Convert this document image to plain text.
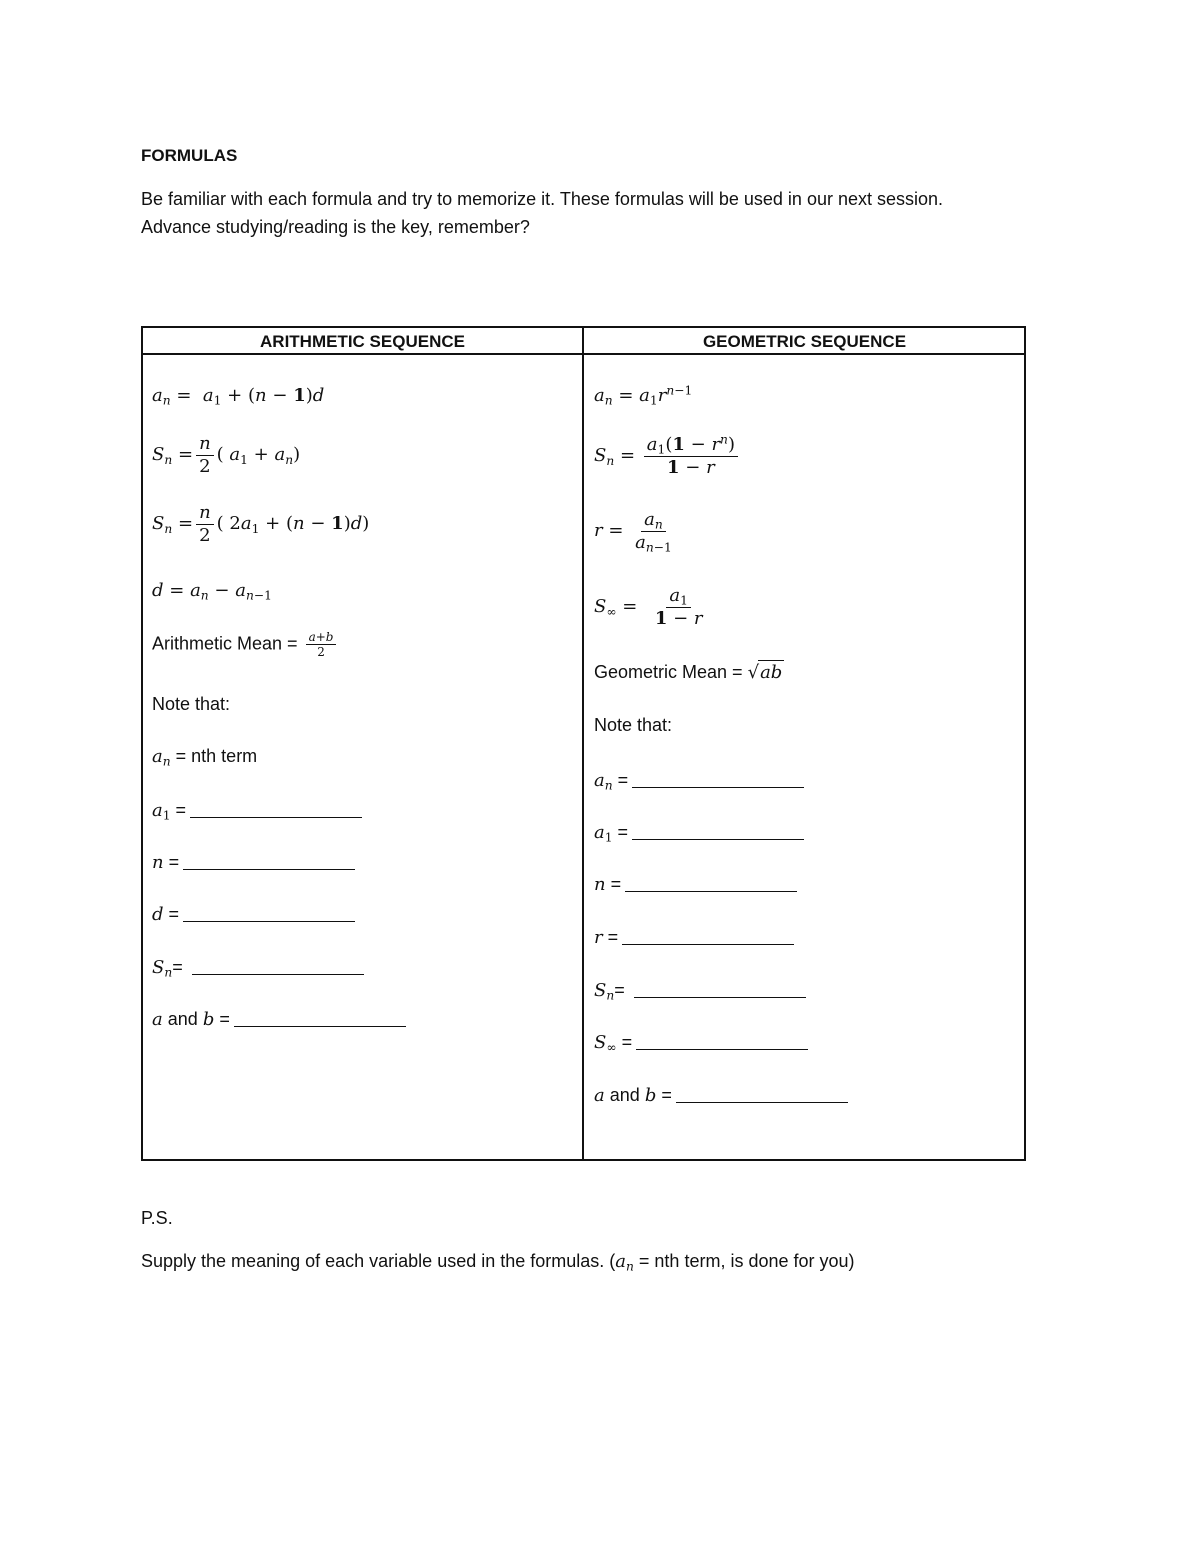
FORMULAS
Be familiar with each formula and try to memorize it. These formulas will be used in our next session.
Advance studying/reading is the key, remember?
ARITHMETIC SEQUENCE	GEOMETRIC SEQUENCE
$a_n = a_1 + (n - 1)d$
$S_n = \frac{n}{2}$ ( $a_1 + a_n$)
$S_n = \frac{n}{2}$ ( $2a_1 + (n - 1)d$)
$d = a_n - a_{n-1}$
Arithmetic Mean = $\frac{a+b}{2}$
Note that:
$a_n$ = nth term
$a_1$ =
n =
d =
$S_n=$
a and b =
$a_n = a_1r^{n-1}$
$S_n = \frac{a_1(1 - r^n)}{1 - r}$
$r = \frac{a_n}{a_{n-1}}$
$S_\infty = \frac{a_1}{1 - r}$
Geometric Mean = √ ab
Note that:
$a_n$ =
$a_1$ =
n =
r =
$S_n=$
$S_\infty$ =
a and b =
P.S.
Supply the meaning of each variable used in the formulas. ($a_n$ = nth term, is done for you)
